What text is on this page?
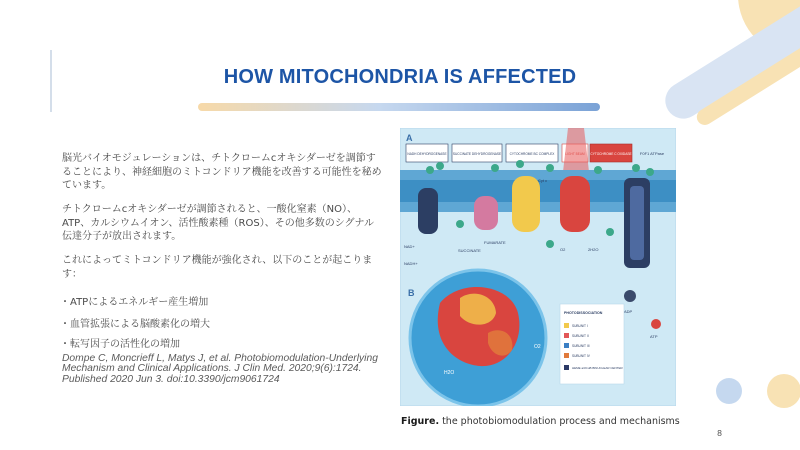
HOW MITOCHONDRIA IS AFFECTED

脳光バイオモジュレーションは、チトクロームcオキシダーゼを調節することにより、神経細胞のミトコンドリア機能を改善する可能性を秘めています。

チトクロームcオキシダーゼが調節されると、一酸化窒素（NO）、ATP、カルシウムイオン、活性酸素種（ROS）、その他多数のシグナル伝達分子が放出されます。

これによってミトコンドリア機能が強化され、以下のことが起こります：

・ATPによるエネルギー産生増加
・血管拡張による脳酸素化の増大
・転写因子の活性化の増加
Dompe C, Moncrieff L, Matys J, et al. Photobiomodulation-Underlying Mechanism and Clinical Applications. J Clin Med. 2020;9(6):1724. Published 2020 Jun 3. doi:10.3390/jcm9061724
A
NADH DEHYDROGENASE SUCCINATE DEHYDROGENASE	CYTOCHROME BC COMPLEX	CYTOCHROME C OXIDASE F0F1 ATPase
FUMARATE
SUCCINATE
NAD+
NADH+
Cyt c
O2	2H2O
ADP
ATP
B
H2O
O2
PHOTODISSOCIATION
SUBUNIT I
SUBUNIT II
SUBUNIT III
SUBUNIT IV
HEME a3/CuB BINUCLEAR CENTER
Figure. the photobiomodulation process and mechanisms
8
